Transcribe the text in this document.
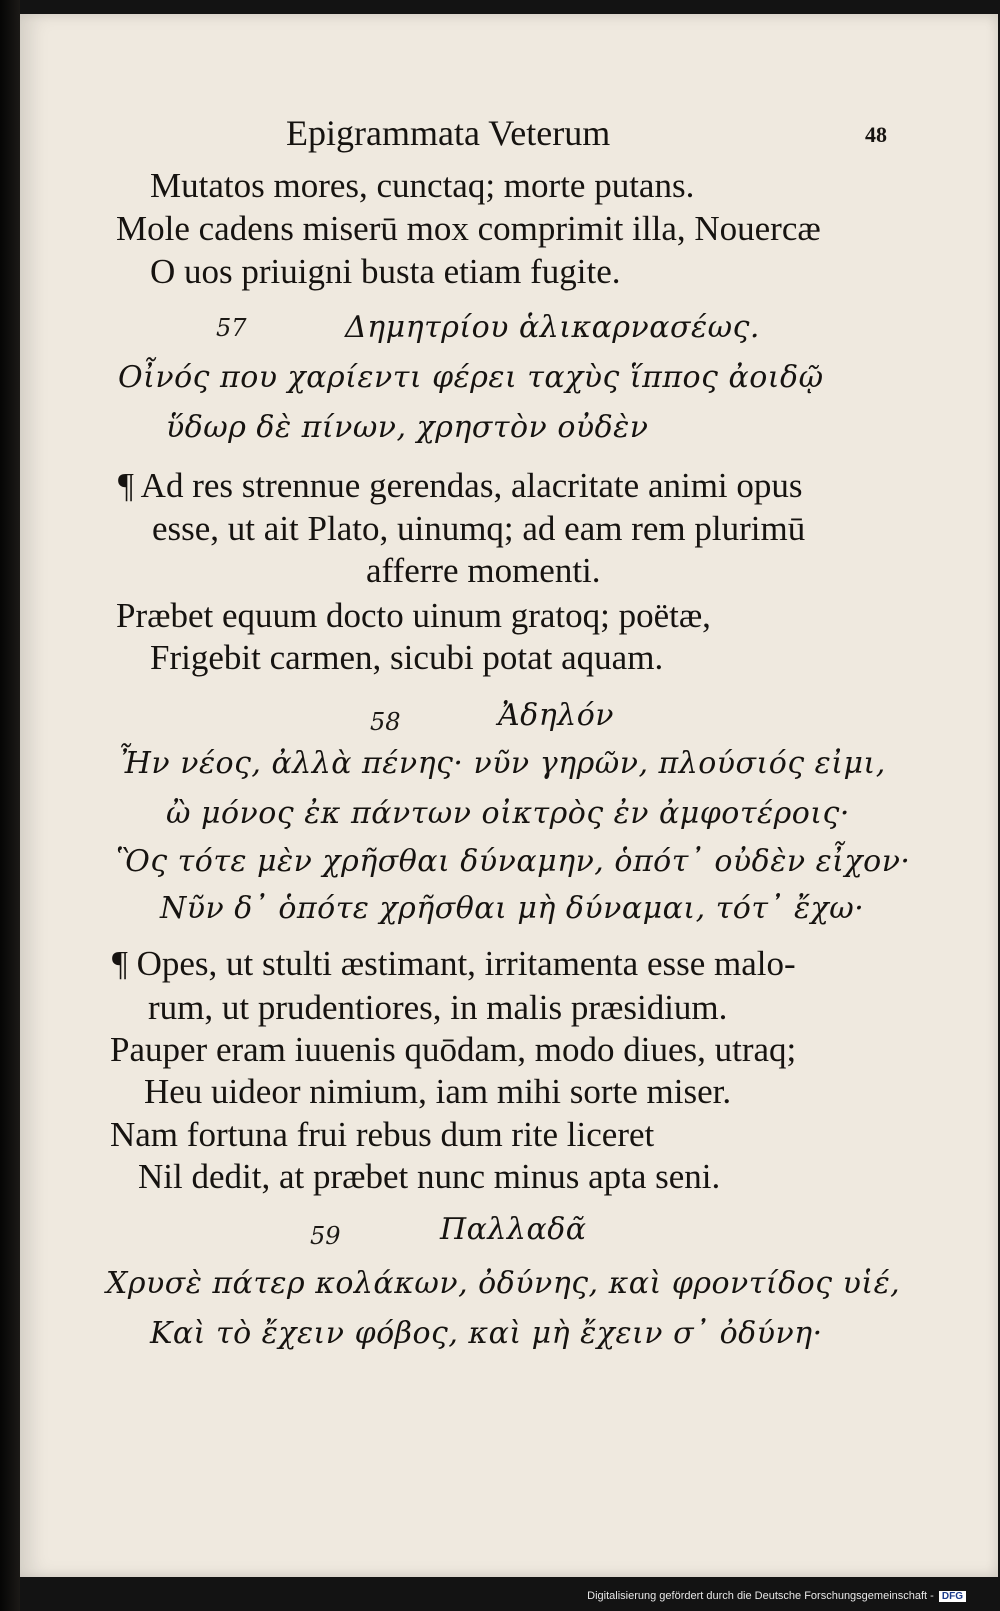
Epigrammata Veterum	48
Mutatos mores, cunctaq; morte putans.
Mole cadens miserū mox comprimit illa, Nouercæ
O uos priuigni busta etiam fugite.
57	Δημητρίου ἁλικαρνασέως.
Οἶνός που χαρίεντι φέρει ταχὺς ἵππος ἀοιδῷ
ὕδωρ δὲ πίνων, χρηστὸν οὐδὲν
¶ Ad res strennue gerendas, alacritate animi opus
esse, ut ait Plato, uinumq; ad eam rem plurimū
afferre momenti.
Præbet equum docto uinum gratoq; poëtæ,
Frigebit carmen, sicubi potat aquam.
58	Ἀδηλόν
Ἦν νέος, ἀλλὰ πένης· νῦν γηρῶν, πλούσιός εἰμι,
ὢ μόνος ἐκ πάντων οἰκτρὸς ἐν ἀμφοτέροις·
Ὃς τότε μὲν χρῆσθαι δύναμην, ὁπότ᾽ οὐδὲν εἶχον·
Νῦν δ᾽ ὁπότε χρῆσθαι μὴ δύναμαι, τότ᾽ ἔχω·
¶ Opes, ut stulti æstimant, irritamenta esse malo-
rum, ut prudentiores, in malis præsidium.
Pauper eram iuuenis quōdam, modo diues, utraq;
Heu uideor nimium, iam mihi sorte miser.
Nam fortuna frui rebus dum rite liceret
Nil dedit, at præbet nunc minus apta seni.
59	Παλλαδᾶ
Χρυσὲ πάτερ κολάκων, ὀδύνης, καὶ φροντίδος υἱέ,
Καὶ τὸ ἔχειν φόβος, καὶ μὴ ἔχειν σ᾽ ὀδύνη·
Digitalisierung gefördert durch die Deutsche Forschungsgemeinschaft - DFG
